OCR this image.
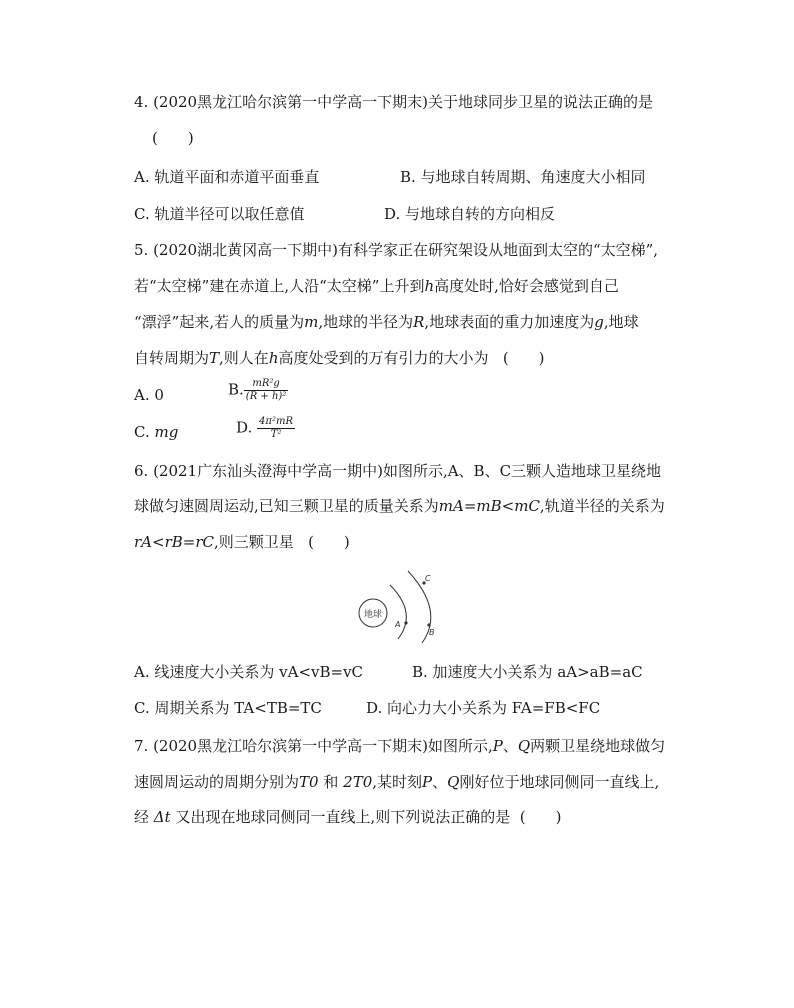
4. (2020黑龙江哈尔滨第一中学高一下期末)关于地球同步卫星的说法正确的是
(　　)
A. 轨道平面和赤道平面垂直	B. 与地球自转周期、角速度大小相同
C. 轨道半径可以取任意值	D. 与地球自转的方向相反
5. (2020湖北黄冈高一下期中)有科学家正在研究架设从地面到太空的“太空梯”,
若“太空梯”建在赤道上,人沿“太空梯”上升到h高度处时,恰好会感觉到自己
“漂浮”起来,若人的质量为m,地球的半径为R,地球表面的重力加速度为g,地球
自转周期为T,则人在h高度处受到的万有引力的大小为 (　　)
A. 0	B. $\frac{\text{mR²g}}{\text{(R + h)²}}$
C. mg	D. $\frac{\text{4π²mR}}{\text{T²}}$
6. (2021广东汕头澄海中学高一期中)如图所示,A、B、C三颗人造地球卫星绕地
球做匀速圆周运动,已知三颗卫星的质量关系为mA=mB<mC,轨道半径的关系为
rA<rB=rC,则三颗卫星 (　　)
地球
A
B
C
A. 线速度大小关系为 vA<vB=vC	B. 加速度大小关系为 aA>aB=aC
C. 周期关系为 TA<TB=TC	D. 向心力大小关系为 FA=FB<FC
7. (2020黑龙江哈尔滨第一中学高一下期末)如图所示,P、Q两颗卫星绕地球做匀
速圆周运动的周期分别为T0 和 2T0,某时刻P、Q刚好位于地球同侧同一直线上,
经 Δt 又出现在地球同侧同一直线上,则下列说法正确的是 (　　)
